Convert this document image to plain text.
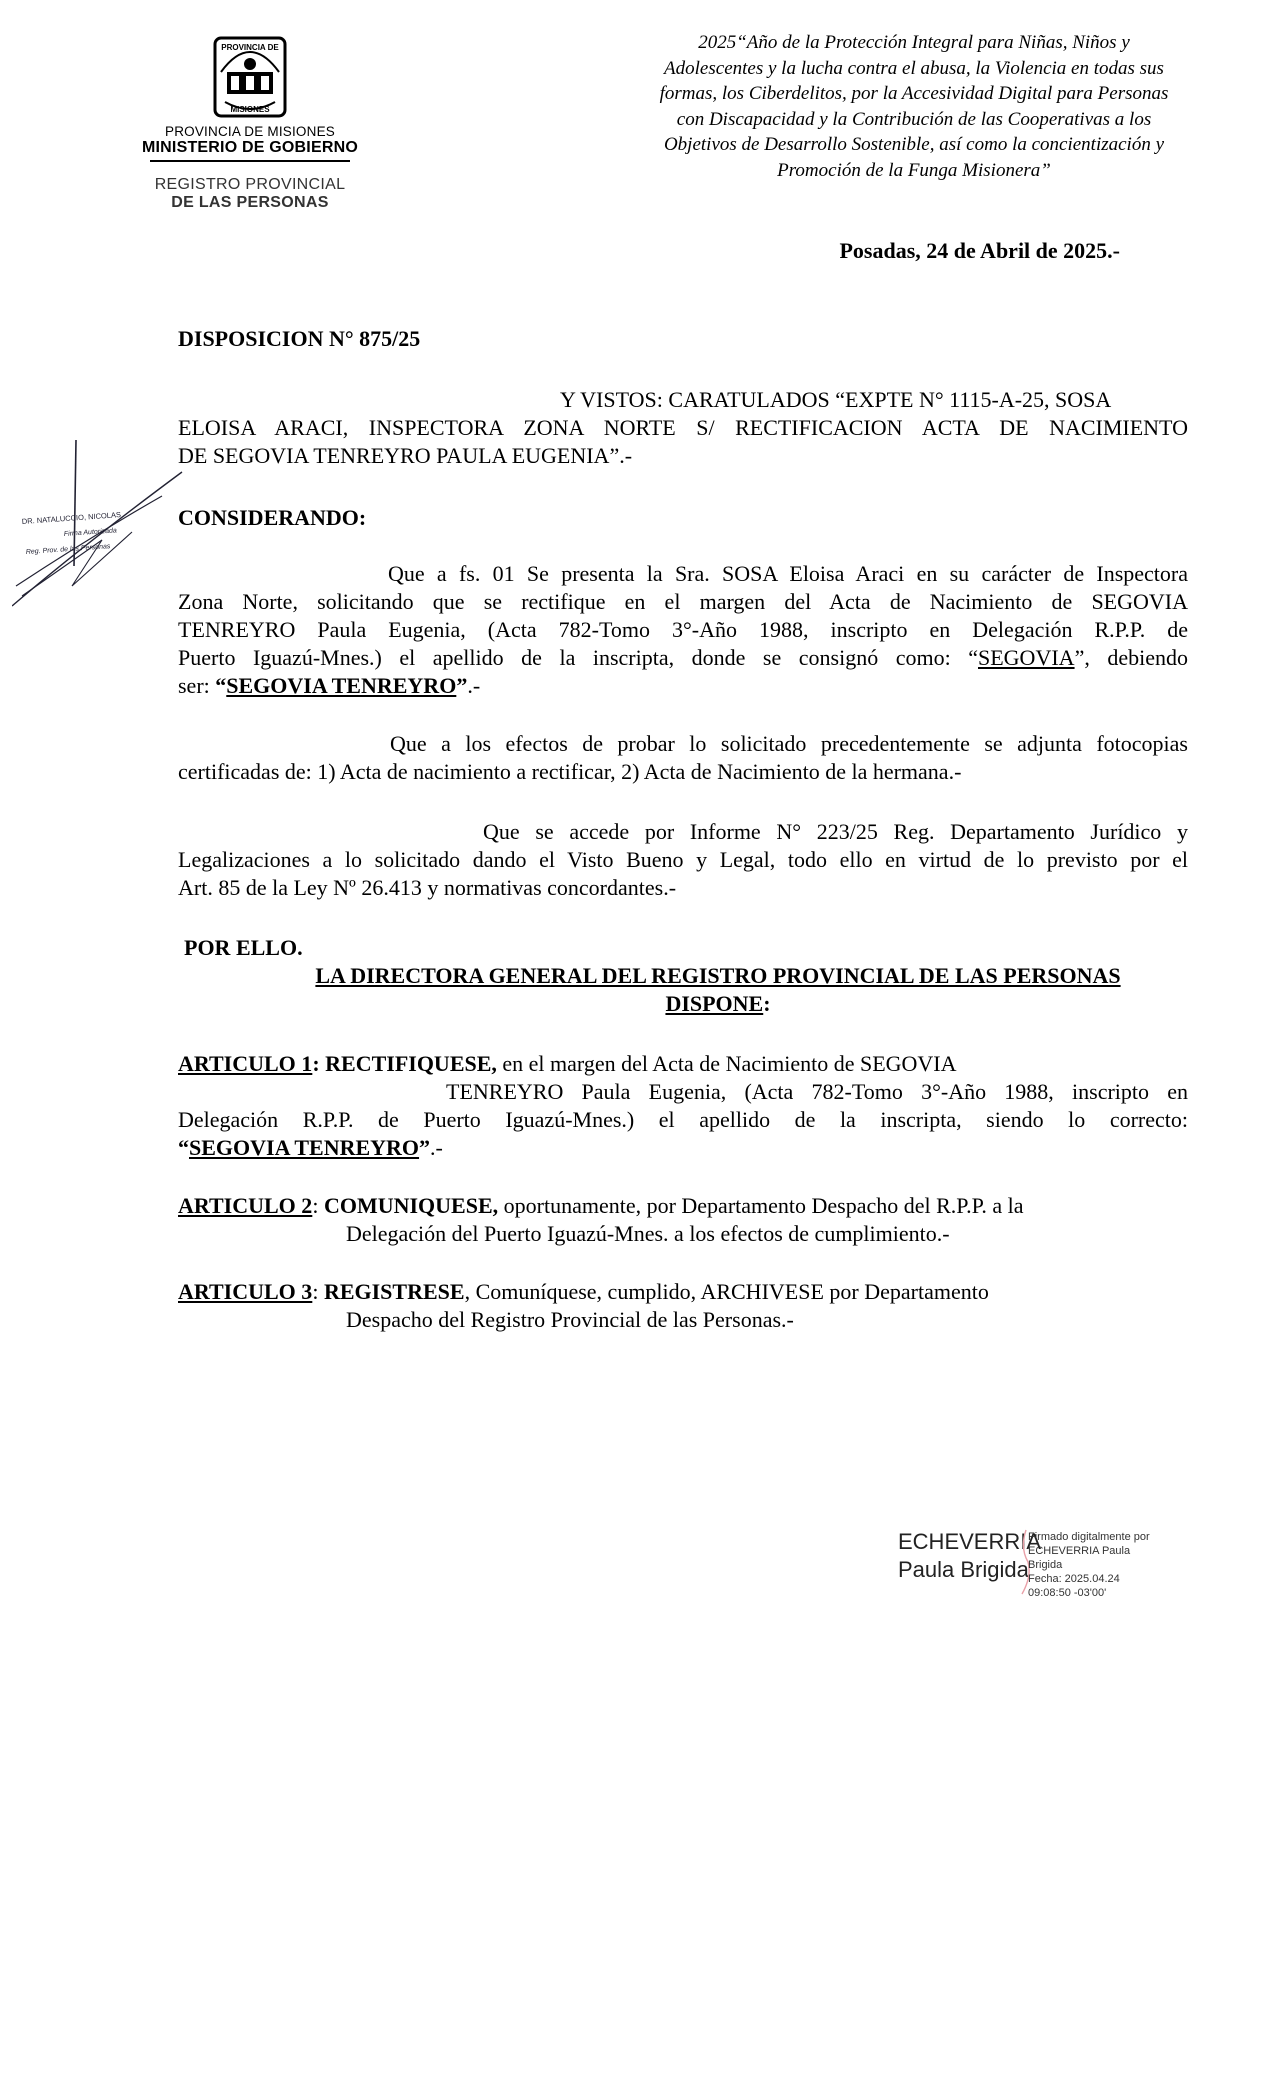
PROVINCIA DE
MISIONES
PROVINCIA DE MISIONES
MINISTERIO DE GOBIERNO
REGISTRO PROVINCIAL
DE LAS PERSONAS
2025“Año de la Protección Integral para Niñas, Niños y
Adolescentes y la lucha contra el abusa, la Violencia en todas sus
formas, los Ciberdelitos, por la Accesividad Digital para Personas
con Discapacidad y la Contribución de las Cooperativas a los
Objetivos de Desarrollo Sostenible, así como la concientización y
Promoción de la Funga Misionera”
Posadas, 24 de Abril de 2025.-
DISPOSICION N° 875/25
Y VISTOS: CARATULADOS “EXPTE N° 1115-A-25, SOSA
ELOISA ARACI, INSPECTORA ZONA NORTE S/ RECTIFICACION ACTA DE NACIMIENTO
DE SEGOVIA TENREYRO PAULA EUGENIA”.-
CONSIDERANDO:
Que a fs. 01 Se presenta la Sra. SOSA Eloisa Araci en su carácter de Inspectora
Zona Norte, solicitando que se rectifique en el margen del Acta de Nacimiento de SEGOVIA
TENREYRO Paula Eugenia, (Acta 782-Tomo 3°-Año 1988, inscripto en Delegación R.P.P. de
Puerto Iguazú-Mnes.) el apellido de la inscripta, donde se consignó como: “SEGOVIA”, debiendo
ser: “SEGOVIA TENREYRO”.-
Que a los efectos de probar lo solicitado precedentemente se adjunta fotocopias
certificadas de: 1) Acta de nacimiento a rectificar, 2) Acta de Nacimiento de la hermana.-
Que se accede por Informe N° 223/25 Reg. Departamento Jurídico y
Legalizaciones a lo solicitado dando el Visto Bueno y Legal, todo ello en virtud de lo previsto por el
Art. 85 de la Ley Nº 26.413 y normativas concordantes.-
POR ELLO.
LA DIRECTORA GENERAL DEL REGISTRO PROVINCIAL DE LAS PERSONAS
DISPONE:
ARTICULO 1: RECTIFIQUESE, en el margen del Acta de Nacimiento de SEGOVIA
TENREYRO Paula Eugenia, (Acta 782-Tomo 3°-Año 1988, inscripto en
Delegación R.P.P. de Puerto Iguazú-Mnes.) el apellido de la inscripta, siendo lo correcto:
“SEGOVIA TENREYRO”.-
ARTICULO 2: COMUNIQUESE, oportunamente, por Departamento Despacho del R.P.P. a la
Delegación del Puerto Iguazú-Mnes. a los efectos de cumplimiento.-
ARTICULO 3: REGISTRESE, Comuníquese, cumplido, ARCHIVESE por Departamento
Despacho del Registro Provincial de las Personas.-
DR. NATALUCCIO, NICOLAS
Firma Autorizada
Reg. Prov. de las Personas
ECHEVERRIA
Paula Brigida
Firmado digitalmente por
ECHEVERRIA Paula
Brigida
Fecha: 2025.04.24
09:08:50 -03'00'
